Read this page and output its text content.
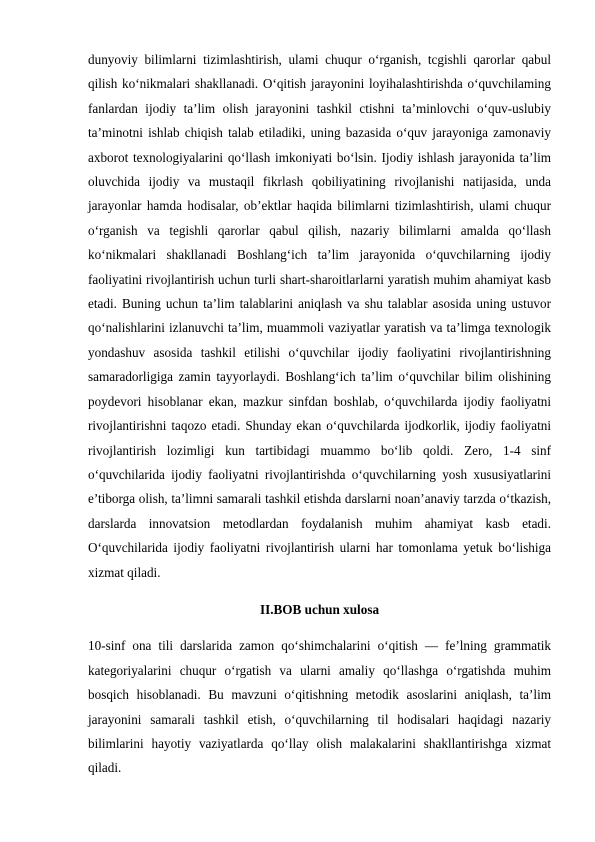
dunyoviy bilimlarni tizimlashtirish, ulami chuqur o‘rganish, tcgishli qarorlar qabul qilish ko‘nikmalari shakllanadi. O‘qitish jarayonini loyihalashtirishda o‘quvchilaming fanlardan ijodiy ta’lim olish jarayonini tashkil ctishni ta’minlovchi o‘quv-uslubiy ta’minotni ishlab chiqish talab etiladiki, uning bazasida o‘quv jarayoniga zamonaviy axborot texnologiyalarini qo‘llash imkoniyati bo‘lsin. Ijodiy ishlash jarayonida ta’lim oluvchida ijodiy va mustaqil fikrlash qobiliyatining rivojlanishi natijasida, unda jarayonlar hamda hodisalar, ob’ektlar haqida bilimlarni tizimlashtirish, ulami chuqur o‘rganish va tegishli qarorlar qabul qilish, nazariy bilimlarni amalda qo‘llash ko‘nikmalari shakllanadi Boshlang‘ich ta’lim jarayonida o‘quvchilarning ijodiy faoliyatini rivojlantirish uchun turli shart-sharoitlarlarni yaratish muhim ahamiyat kasb etadi. Buning uchun ta’lim talablarini aniqlash va shu talablar asosida uning ustuvor qo‘nalishlarini izlanuvchi ta’lim, muammoli vaziyatlar yaratish va ta’limga texnologik yondashuv asosida tashkil etilishi o‘quvchilar ijodiy faoliyatini rivojlantirishning samaradorligiga zamin tayyorlaydi. Boshlang‘ich ta’lim o‘quvchilar bilim olishining poydevori hisoblanar ekan, mazkur sinfdan boshlab, o‘quvchilarda ijodiy faoliyatni rivojlantirishni taqozo etadi. Shunday ekan o‘quvchilarda ijodkorlik, ijodiy faoliyatni rivojlantirish lozimligi kun tartibidagi muammo bo‘lib qoldi. Zero, 1-4 sinf o‘quvchilarida ijodiy faoliyatni rivojlantirishda o‘quvchilarning yosh xususiyatlarini e’tiborga olish, ta’limni samarali tashkil etishda darslarni noan’anaviy tarzda o‘tkazish, darslarda innovatsion metodlardan foydalanish muhim ahamiyat kasb etadi. O‘quvchilarida ijodiy faoliyatni rivojlantirish ularni har tomonlama yetuk bo‘lishiga xizmat qiladi.

II.BOB uchun xulosa

10-sinf ona tili darslarida zamon qo‘shimchalarini o‘qitish — fe’lning grammatik kategoriyalarini chuqur o‘rgatish va ularni amaliy qo‘llashga o‘rgatishda muhim bosqich hisoblanadi. Bu mavzuni o‘qitishning metodik asoslarini aniqlash, ta’lim jarayonini samarali tashkil etish, o‘quvchilarning til hodisalari haqidagi nazariy bilimlarini hayotiy vaziyatlarda qo‘llay olish malakalarini shakllantirishga xizmat qiladi.
